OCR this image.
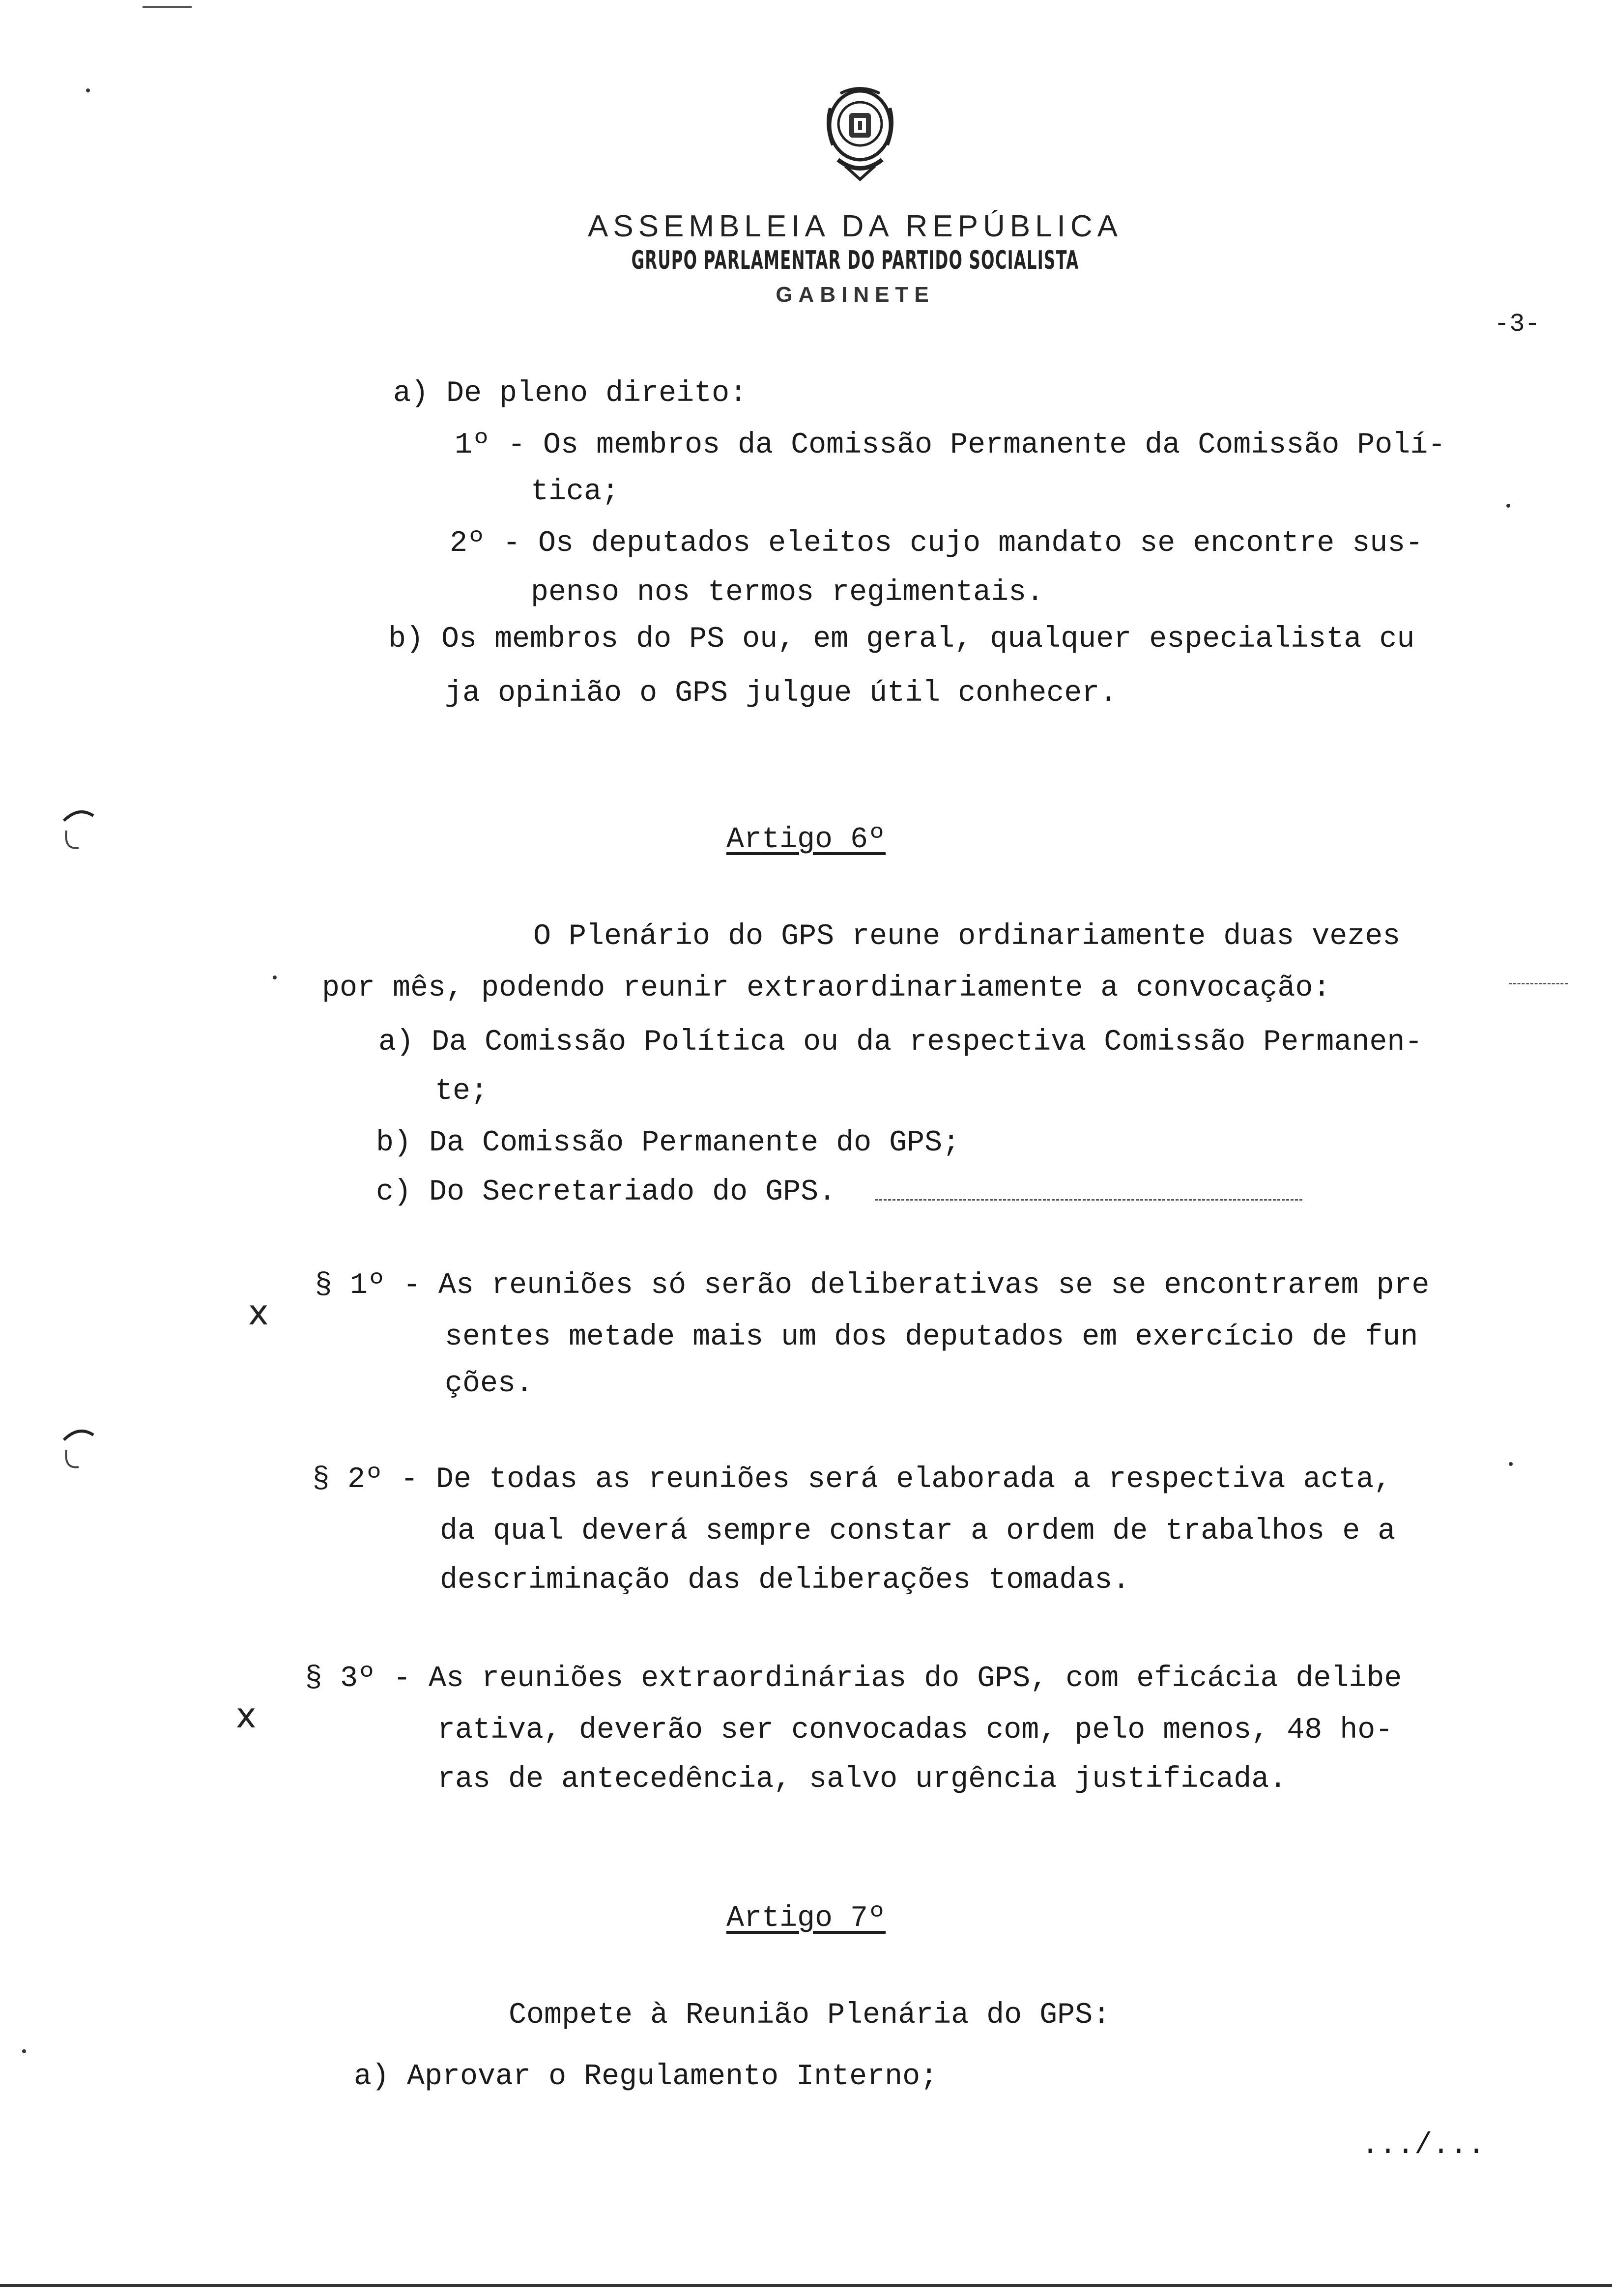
ASSEMBLEIA DA REPÚBLICA
GRUPO PARLAMENTAR DO PARTIDO SOCIALISTA
GABINETE
-3-
a) De pleno direito:
1º - Os membros da Comissão Permanente da Comissão Polí-
tica;
2º - Os deputados eleitos cujo mandato se encontre sus-
penso nos termos regimentais.
b) Os membros do PS ou, em geral, qualquer especialista cu
ja opinião o GPS julgue útil conhecer.
Artigo 6º
O Plenário do GPS reune ordinariamente duas vezes
por mês, podendo reunir extraordinariamente a convocação:
a) Da Comissão Política ou da respectiva Comissão Permanen-
te;
b) Da Comissão Permanente do GPS;
c) Do Secretariado do GPS.
§ 1º - As reuniões só serão deliberativas se se encontrarem pre
sentes metade mais um dos deputados em exercício de fun
ções.
§ 2º - De todas as reuniões será elaborada a respectiva acta,
da qual deverá sempre constar a ordem de trabalhos e a
descriminação das deliberações tomadas.
§ 3º - As reuniões extraordinárias do GPS, com eficácia delibe
rativa, deverão ser convocadas com, pelo menos, 48 ho-
ras de antecedência, salvo urgência justificada.
Artigo 7º
Compete à Reunião Plenária do GPS:
a) Aprovar o Regulamento Interno;
.../...
x
x
